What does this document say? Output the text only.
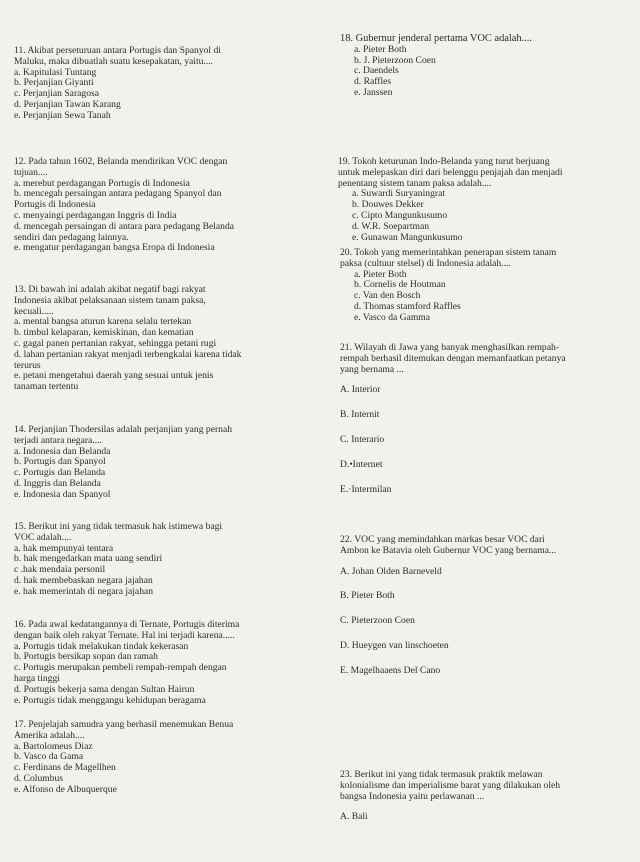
11. Akibat perseturuan antara Portugis dan Spanyol di
Maluku, maka dibuatlah suatu kesepakatan, yaitu....
a. Kapitulasi Tuntang
b. Perjanjian Giyanti
c. Perjanjian Saragosa
d. Perjanjian Tawan Karang
e. Perjanjian Sewa Tanah
12. Pada tahun 1602, Belanda mendirikan VOC dengan
tujuan....
a. merebut perdagangan Portugis di Indonesia
b. mencegah persaingan antara pedagang Spanyol dan
Portugis di Indonesia
c. menyaingi perdagangan Inggris di India
d. mencegah persaingan di antara para pedagang Belanda
sendiri dan pedagang lainnya.
e. mengatur perdagangan bangsa Eropa di Indonesia
13. Di bawah ini adalah akibat negatif bagi rakyat
Indonesia akibat pelaksanaan sistem tanam paksa,
kecuali.....
a. mental bangsa aturun karena selalu tertekan
b. timbul kelaparan, kemiskinan, dan kematian
c. gagal panen pertanian rakyat, sehingga petani rugi
d. lahan pertanian rakyat menjadi terbengkalai karena tidak
terurus
e. petani mengetahui daerah yang sesuai untuk jenis
tanaman tertentu
14. Perjanjian Thodersilas adalah perjanjian yang pernah
terjadi antara negara....
a. Indonesia dan Belanda
b. Portugis dan Spanyol
c. Portugis dan Belanda
d. Inggris dan Belanda
e. Indonesia dan Spanyol
15. Berikut ini yang tidak termasuk hak istimewa bagi
VOC adalah....
a. hak mempunyai tentara
b. hak mengedarkan mata uang sendiri
c .hak mendaia personil
d. hak membebaskan negara jajahan
e. hak memerintah di negara jajahan
16. Pada awal kedatangannya di Ternate, Portugis diterima
dengan baik oleh rakyat Ternate. Hal ini terjadi karena.....
a. Portugis tidak melakukan tindak kekerasan
b. Portugis bersikap sopan dan ramah
c. Portugis merupakan pembeli rempah-rempah dengan
harga tinggi
d. Portugis bekerja sama dengan Sultan Hairun
e. Portugis tidak menggangu kehidupan beragama
17. Penjelajah samudra yang berhasil menemukan Benua
Amerika adalah....
a. Bartolomeus Diaz
b. Vasco da Gama
c. Ferdinans de Magellhen
d. Columbus
e. Alfonso de Albuquerque
18. Gubernur jenderal pertama VOC adalah....
a. Pieter Both
b. J. Pieterzoon Coen
c. Daendels
d. Raffles
e. Janssen
19. Tokoh keturunan Indo-Belanda yang turut berjuang
untuk melepaskan diri dari belenggu penjajah dan menjadi
penentang sistem tanam paksa adalah....
a. Suwardi Suryaningrat
b. Douwes Dekker
c. Cipto Mangunkusumo
d. W.R. Soepartman
e. Gunawan Mangunkusumo
20. Tokoh yang memerintahkan penerapan sistem tanam
paksa (cultuur stelsel) di Indonesia adalah....
a. Pieter Both
b. Cornelis de Houtman
c. Van den Bosch
d. Thomas stamford Raffles
e. Vasco da Gamma
21. Wilayah di Jawa yang banyak menghasilkan rempah-
rempah berhasil ditemukan dengan memanfaatkan petanya
yang bernama ...
A. Interior
B. Internit
C. Interario
D.•Internet
E.·Intermilan
22. VOC yang memindahkan markas besar VOC dari
Ambon ke Batavia oleh Gubernur VOC yang bernama...
A. Johan Olden Barneveld
B. Pieter Both
C. Pieterzoon Coen
D. Hueygen van linschoeten
E. Magelhaaens Del Cano
23. Berikut ini yang tidak termasuk praktik melawan
kolonialisme dan imperialisme barat yang dilakukan oleh
bangsa Indonesia yaitu perlawanan ...
A. Bali
